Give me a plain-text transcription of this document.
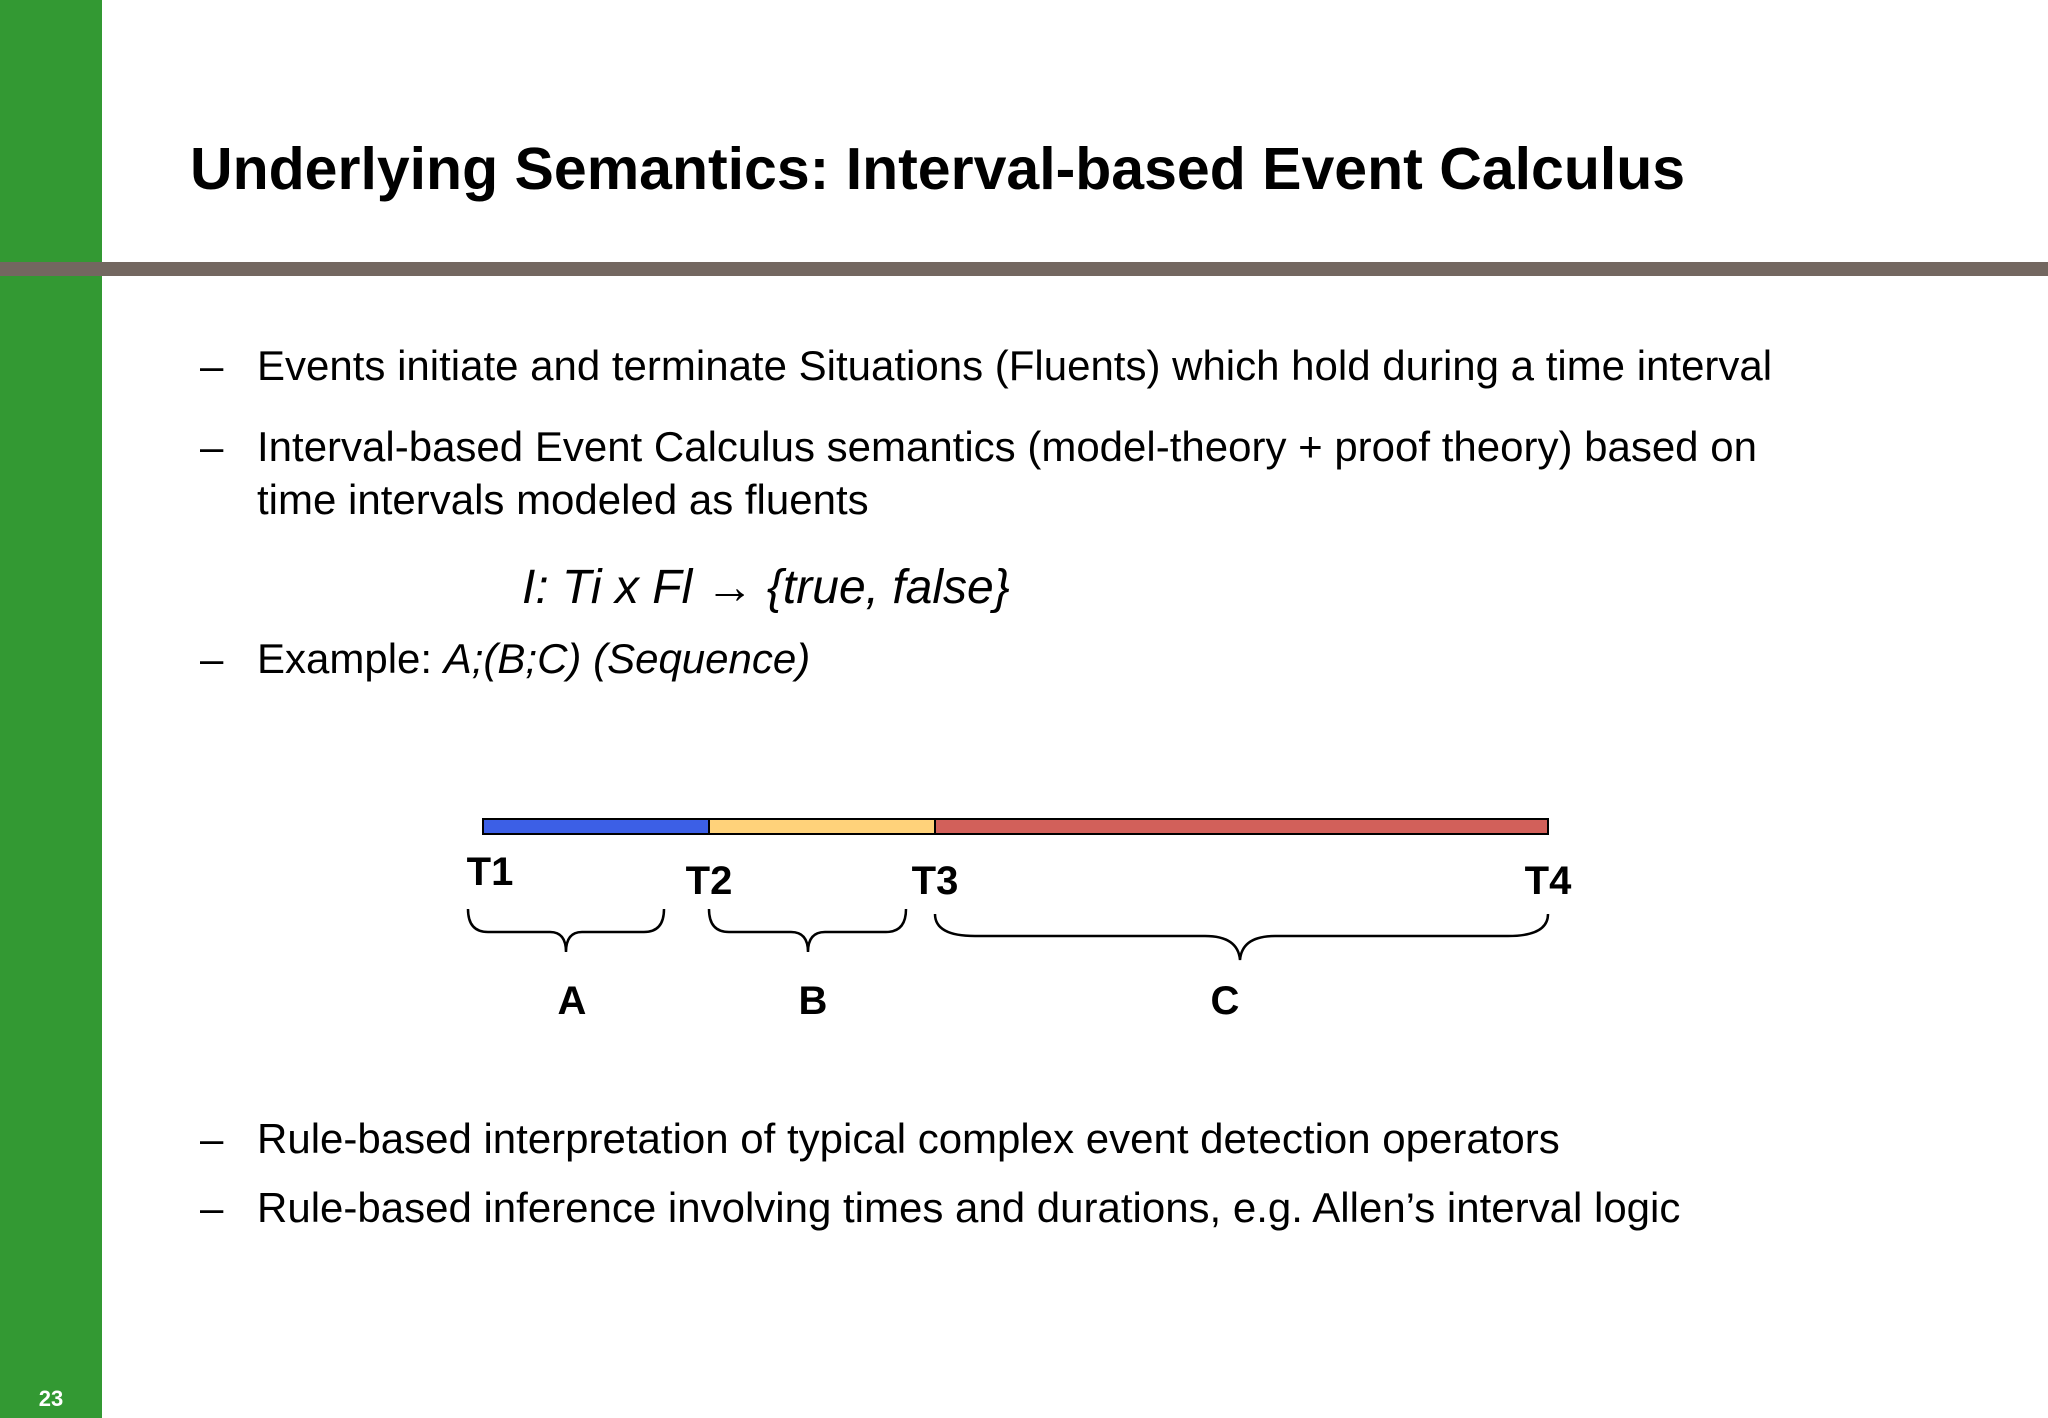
23
Underlying Semantics: Interval-based Event Calculus
– Events initiate and terminate Situations (Fluents) which hold during a time interval
– Interval-based Event Calculus semantics (model-theory + proof theory) based on
time intervals modeled as fluents
I: Ti x Fl → {true, false}
– Example: A;(B;C) (Sequence)
T1	T2	T3	T4
A	B	C
– Rule-based interpretation of typical complex event detection operators
– Rule-based inference involving times and durations, e.g. Allen’s interval logic
